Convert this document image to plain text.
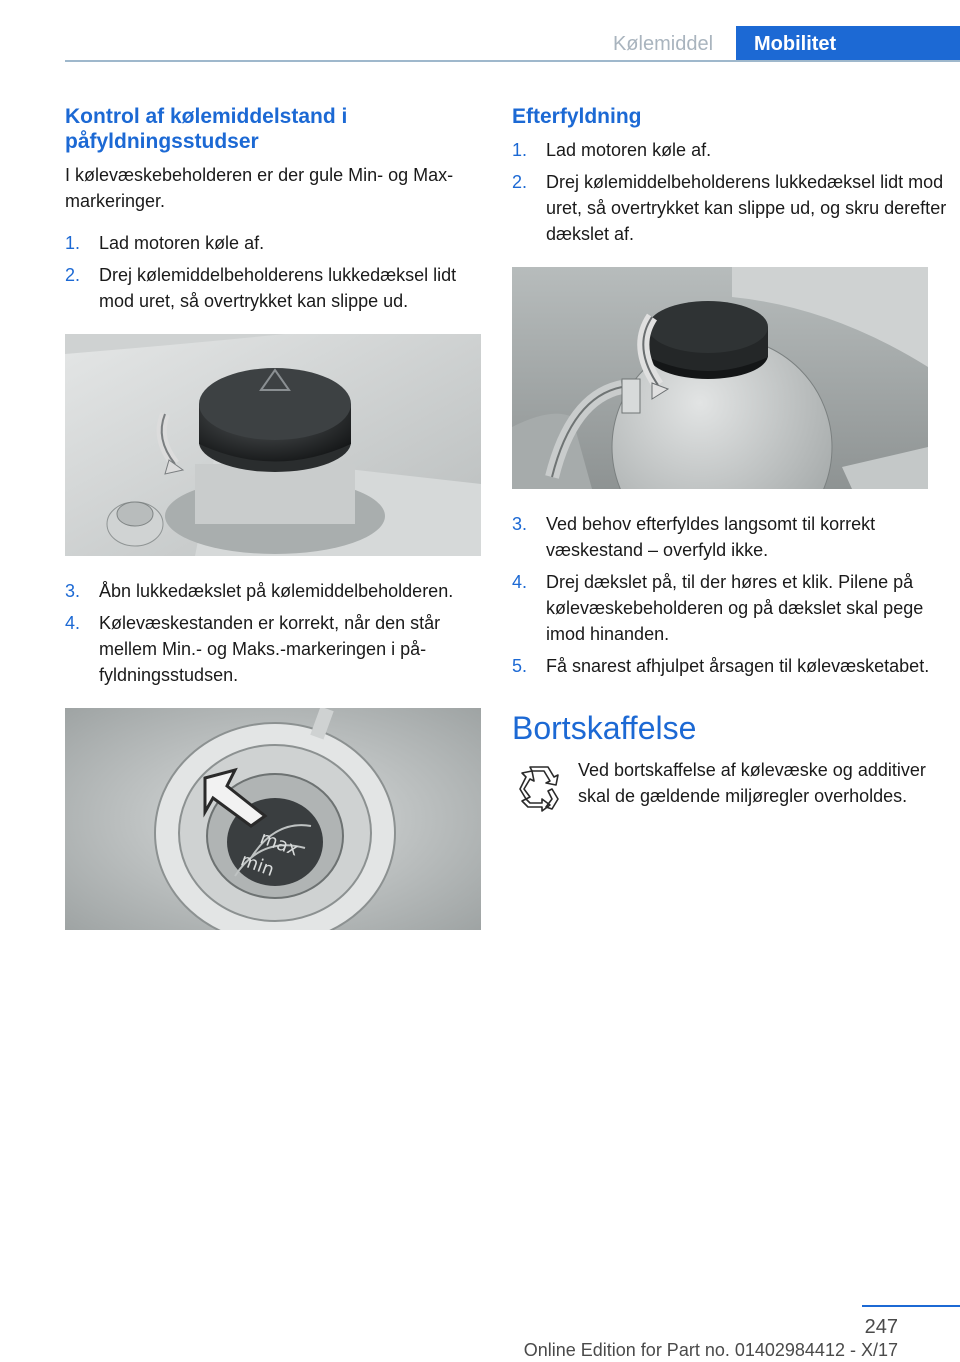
Kølemiddel	Mobilitet
Kontrol af kølemiddelstand i påfyldningsstudser

I kølevæskebeholderen er der gule Min- og Max-markeringer.

1. Lad motoren køle af.
2. Drej kølemiddelbeholderens lukkedæksel lidt mod uret, så overtrykket kan slippe ud.
3. Åbn lukkedækslet på kølemiddelbeholderen.
4. Kølevæskestanden er korrekt, når den står mellem Min.- og Maks.-markeringen i påfyldningsstudsen.
max
min
Efterfyldning
1. Lad motoren køle af.
2. Drej kølemiddelbeholderens lukkedæksel lidt mod uret, så overtrykket kan slippe ud, og skru derefter dækslet af.
3. Ved behov efterfyldes langsomt til korrekt væskestand – overfyld ikke.
4. Drej dækslet på, til der høres et klik. Pilene på kølevæskebeholderen og på dækslet skal pege imod hinanden.
5. Få snarest afhjulpet årsagen til kølevæsketabet.
Bortskaffelse
Ved bortskaffelse af kølevæske og additiver skal de gældende miljøregler overholdes.
247
Online Edition for Part no. 01402984412 - X/17
